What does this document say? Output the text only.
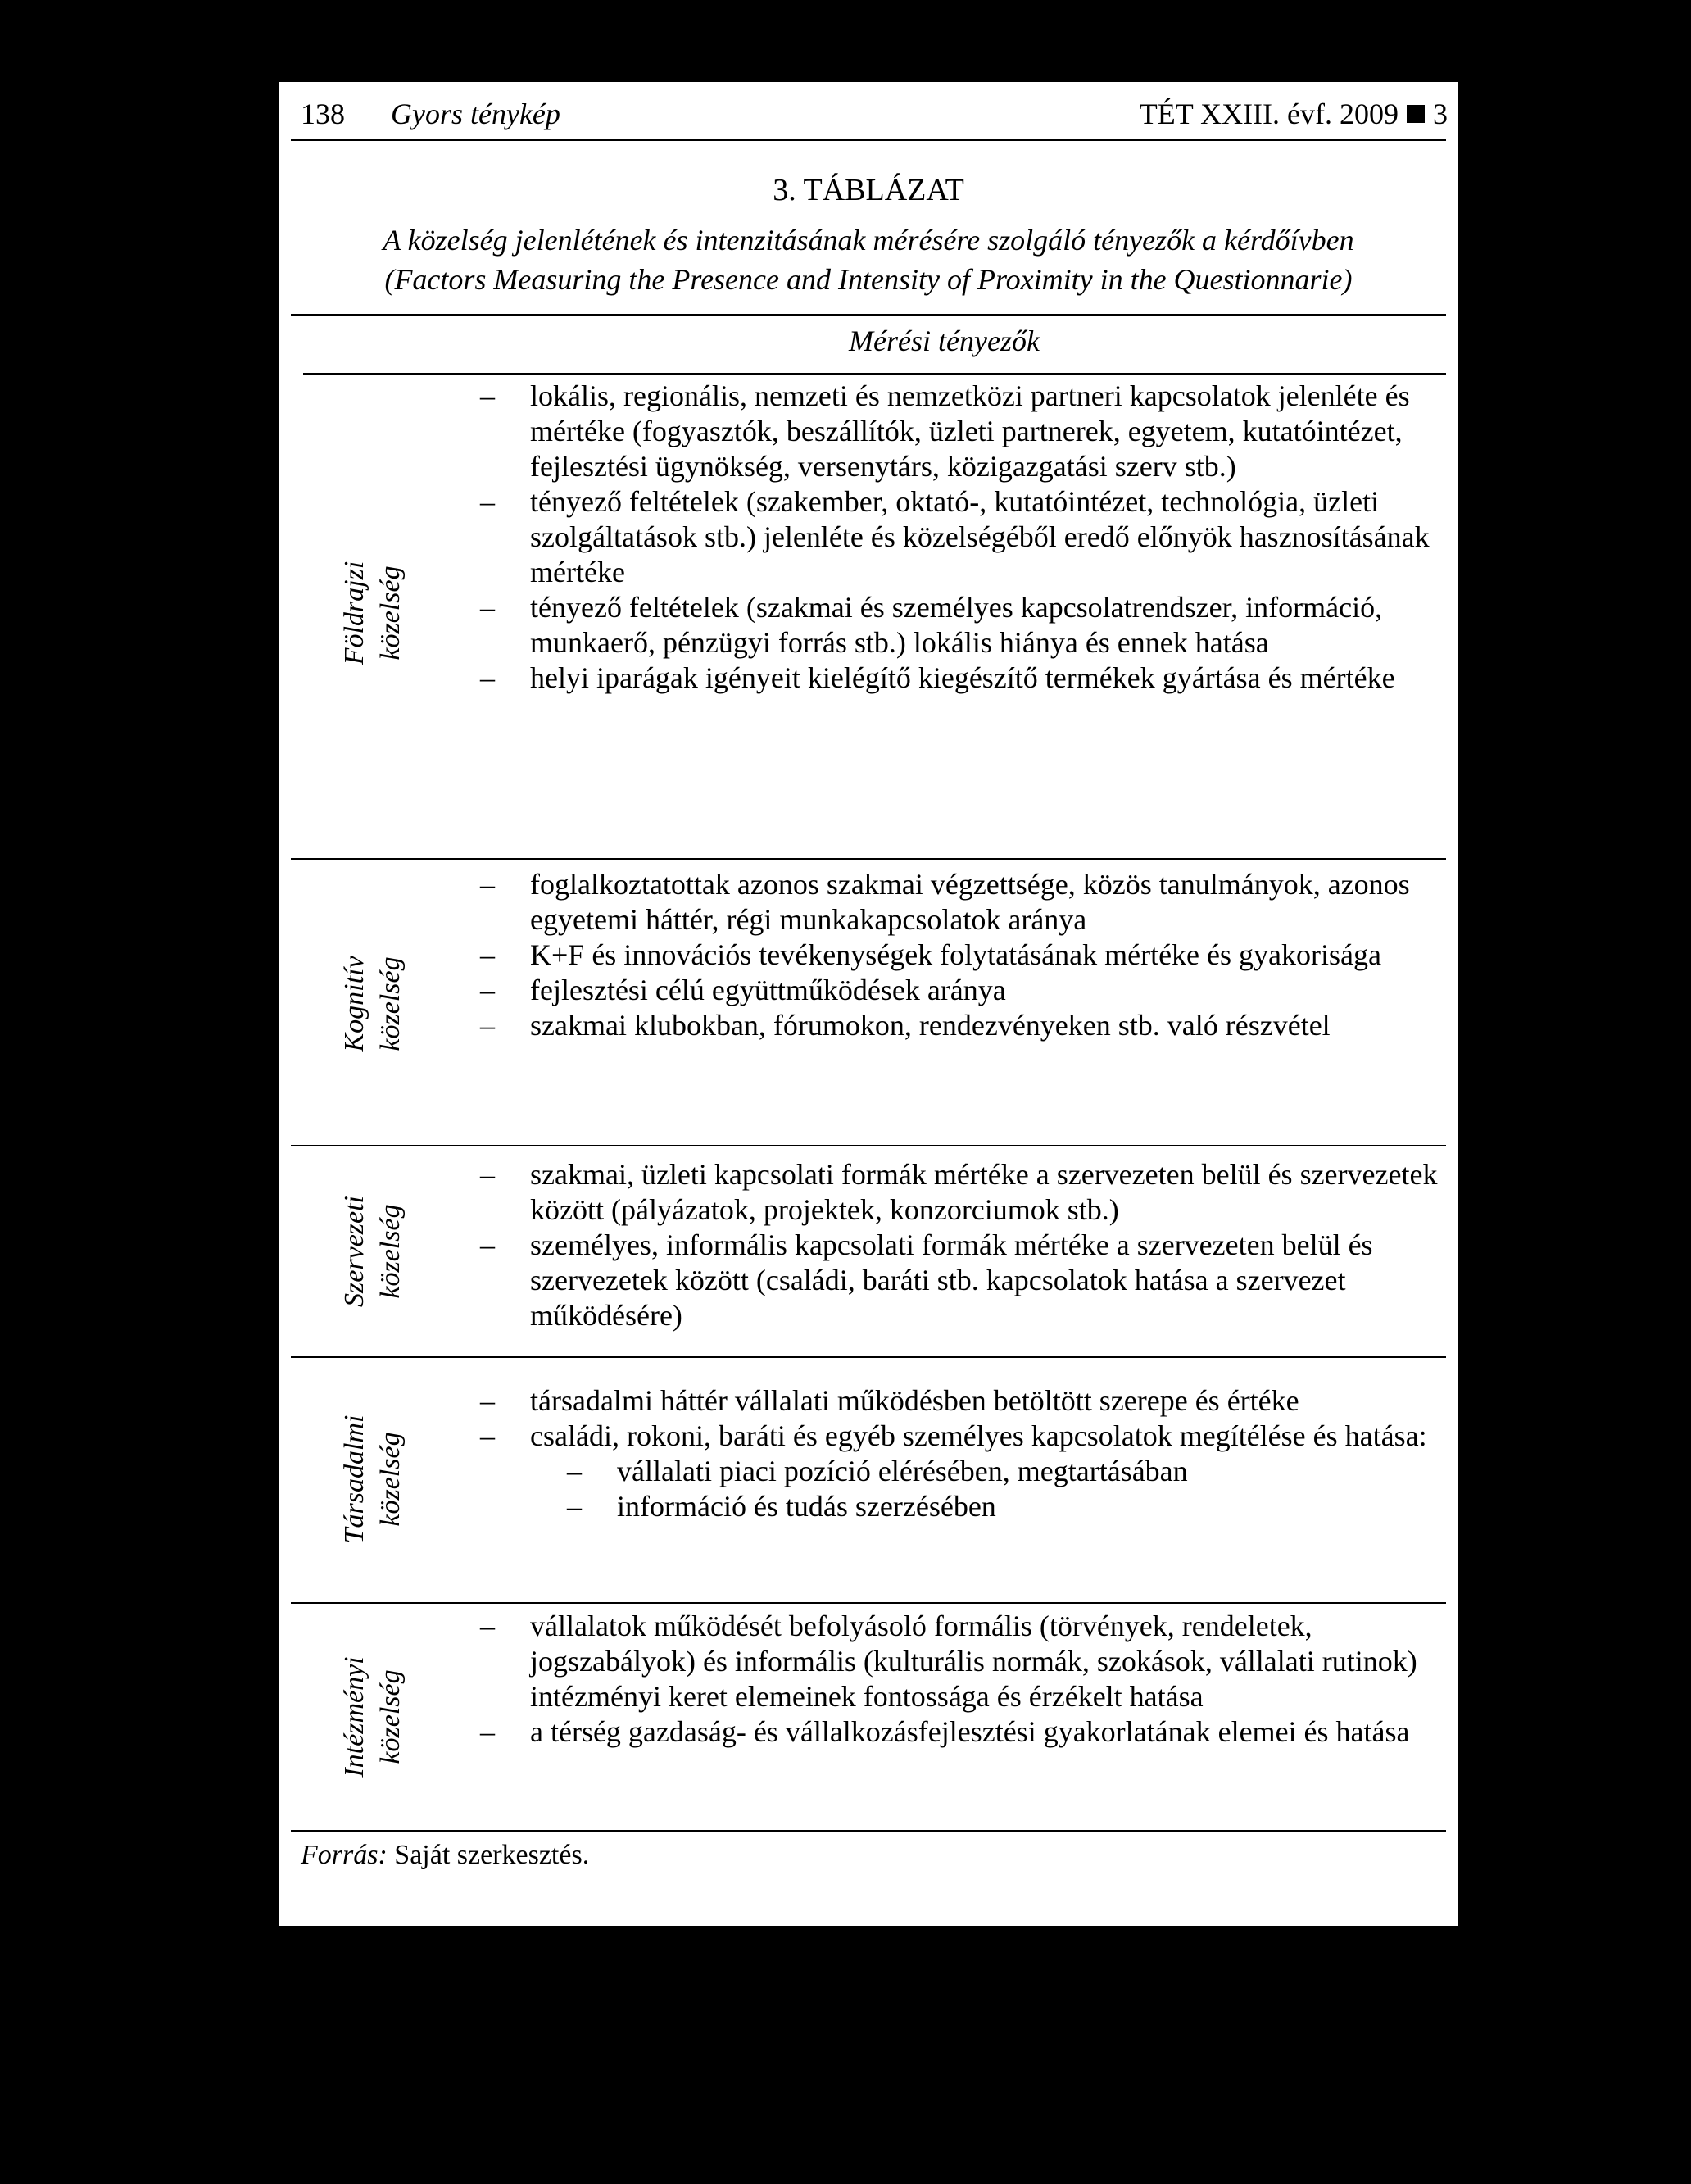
138 Gyors ténykép	TÉT XXIII. évf. 2009 3
3. TÁBLÁZAT
A közelség jelenlétének és intenzitásának mérésére szolgáló tényezők a kérdőívben
(Factors Measuring the Presence and Intensity of Proximity in the Questionnarie)
Mérési tényezők
Földrajzi közelség
–	lokális, regionális, nemzeti és nemzetközi partneri kapcsolatok jelenléte és mértéke (fogyasztók, beszállítók, üzleti partnerek, egyetem, kutatóintézet, fejlesztési ügynökség, versenytárs, közigazgatási szerv stb.)
–	tényező feltételek (szakember, oktató-, kutatóintézet, technológia, üzleti szolgáltatások stb.) jelenléte és közelségéből eredő előnyök hasznosításának mértéke
–	tényező feltételek (szakmai és személyes kapcsolatrendszer, információ, munkaerő, pénzügyi forrás stb.) lokális hiánya és ennek hatása
–	helyi iparágak igényeit kielégítő kiegészítő termékek gyártása és mértéke
Kognitív közelség
–	foglalkoztatottak azonos szakmai végzettsége, közös tanulmányok, azonos egyetemi háttér, régi munkakapcsolatok aránya
–	K+F és innovációs tevékenységek folytatásának mértéke és gyakorisága
–	fejlesztési célú együttműködések aránya
–	szakmai klubokban, fórumokon, rendezvényeken stb. való részvétel
Szervezeti közelség
–	szakmai, üzleti kapcsolati formák mértéke a szervezeten belül és szervezetek között (pályázatok, projektek, konzorciumok stb.)
–	személyes, informális kapcsolati formák mértéke a szervezeten belül és szervezetek között (családi, baráti stb. kapcsolatok hatása a szervezet működésére)
Társadalmi közelség
–	társadalmi háttér vállalati működésben betöltött szerepe és értéke
–	családi, rokoni, baráti és egyéb személyes kapcsolatok megítélése és hatása:
–	vállalati piaci pozíció elérésében, megtartásában
–	információ és tudás szerzésében
Intézményi közelség
–	vállalatok működését befolyásoló formális (törvények, rendeletek, jogszabályok) és informális (kulturális normák, szokások, vállalati rutinok) intézményi keret elemeinek fontossága és érzékelt hatása
–	a térség gazdaság- és vállalkozásfejlesztési gyakorlatának elemei és hatása
Forrás: Saját szerkesztés.
